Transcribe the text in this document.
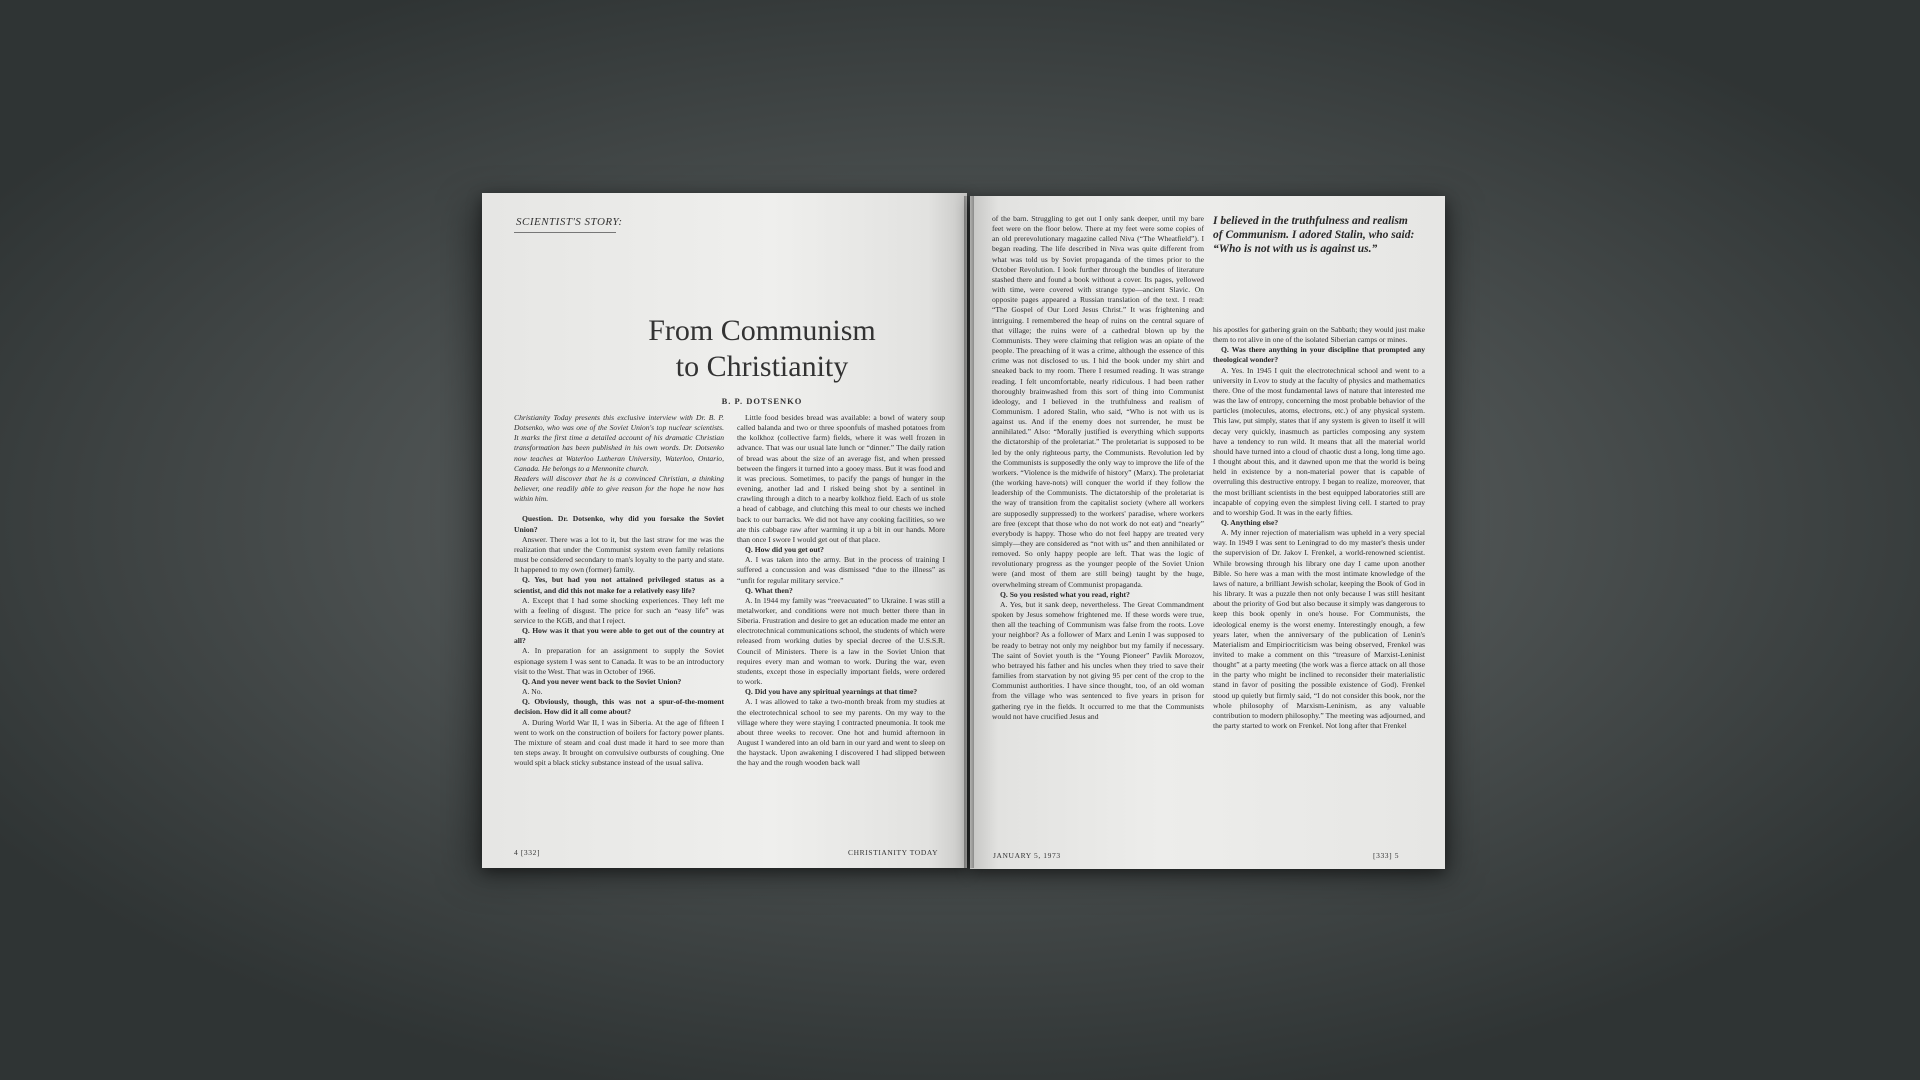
SCIENTIST'S STORY:
From Communism
to Christianity
B. P. DOTSENKO

Christianity Today presents this exclusive interview with Dr. B. P. Dotsenko, who was one of the Soviet Union's top nuclear scientists. It marks the first time a detailed account of his dramatic Christian transformation has been published in his own words. Dr. Dotsenko now teaches at Waterloo Lutheran University, Waterloo, Ontario, Canada. He belongs to a Mennonite church.

Readers will discover that he is a convinced Christian, a thinking believer, one readily able to give reason for the hope he now has within him.

Question. Dr. Dotsenko, why did you forsake the Soviet Union?

Answer. There was a lot to it, but the last straw for me was the realization that under the Communist system even family relations must be considered secondary to man's loyalty to the party and state. It happened to my own (former) family.

Q. Yes, but had you not attained privileged status as a scientist, and did this not make for a relatively easy life?

A. Except that I had some shocking experiences. They left me with a feeling of disgust. The price for such an “easy life” was service to the KGB, and that I reject.

Q. How was it that you were able to get out of the country at all?

A. In preparation for an assignment to supply the Soviet espionage system I was sent to Canada. It was to be an introductory visit to the West. That was in October of 1966.

Q. And you never went back to the Soviet Union?

A. No.

Q. Obviously, though, this was not a spur-of-the-moment decision. How did it all come about?

A. During World War II, I was in Siberia. At the age of fifteen I went to work on the construction of boilers for factory power plants. The mixture of steam and coal dust made it hard to see more than ten steps away. It brought on convulsive outbursts of coughing. One would spit a black sticky substance instead of the usual saliva.

Little food besides bread was available: a bowl of watery soup called balanda and two or three spoonfuls of mashed potatoes from the kolkhoz (collective farm) fields, where it was well frozen in advance. That was our usual late lunch or “dinner.” The daily ration of bread was about the size of an average fist, and when pressed between the fingers it turned into a gooey mass. But it was food and it was precious. Sometimes, to pacify the pangs of hunger in the evening, another lad and I risked being shot by a sentinel in crawling through a ditch to a nearby kolkhoz field. Each of us stole a head of cabbage, and clutching this meal to our chests we inched back to our barracks. We did not have any cooking facilities, so we ate this cabbage raw after warming it up a bit in our hands. More than once I swore I would get out of that place.

Q. How did you get out?

A. I was taken into the army. But in the process of training I suffered a concussion and was dismissed “due to the illness” as “unfit for regular military service.”

Q. What then?

A. In 1944 my family was “reevacuated” to Ukraine. I was still a metalworker, and conditions were not much better there than in Siberia. Frustration and desire to get an education made me enter an electrotechnical communications school, the students of which were released from working duties by special decree of the U.S.S.R. Council of Ministers. There is a law in the Soviet Union that requires every man and woman to work. During the war, even students, except those in especially important fields, were ordered to work.

Q. Did you have any spiritual yearnings at that time?

A. I was allowed to take a two-month break from my studies at the electrotechnical school to see my parents. On my way to the village where they were staying I contracted pneumonia. It took me about three weeks to recover. One hot and humid afternoon in August I wandered into an old barn in our yard and went to sleep on the haystack. Upon awakening I discovered I had slipped between the hay and the rough wooden back wall

4 [332]	CHRISTIANITY TODAY

of the barn. Struggling to get out I only sank deeper, until my bare feet were on the floor below. There at my feet were some copies of an old prerevolutionary magazine called Niva (“The Wheatfield”). I began reading. The life described in Niva was quite different from what was told us by Soviet propaganda of the times prior to the October Revolution. I look further through the bundles of literature stashed there and found a book without a cover. Its pages, yellowed with time, were covered with strange type—ancient Slavic. On opposite pages appeared a Russian translation of the text. I read: “The Gospel of Our Lord Jesus Christ.” It was frightening and intriguing. I remembered the heap of ruins on the central square of that village; the ruins were of a cathedral blown up by the Communists. They were claiming that religion was an opiate of the people. The preaching of it was a crime, although the essence of this crime was not disclosed to us. I hid the book under my shirt and sneaked back to my room. There I resumed reading. It was strange reading. I felt uncomfortable, nearly ridiculous. I had been rather thoroughly brainwashed from this sort of thing into Communist ideology, and I believed in the truthfulness and realism of Communism. I adored Stalin, who said, “Who is not with us is against us. And if the enemy does not surrender, he must be annihilated.” Also: “Morally justified is everything which supports the dictatorship of the proletariat.” The proletariat is supposed to be led by the only righteous party, the Communists. Revolution led by the Communists is supposedly the only way to improve the life of the workers. “Violence is the midwife of history” (Marx). The proletariat (the working have-nots) will conquer the world if they follow the leadership of the Communists. The dictatorship of the proletariat is the way of transition from the capitalist society (where all workers are supposedly suppressed) to the workers' paradise, where workers are free (except that those who do not work do not eat) and “nearly” everybody is happy. Those who do not feel happy are treated very simply—they are considered as “not with us” and then annihilated or removed. So only happy people are left. That was the logic of revolutionary progress as the younger people of the Soviet Union were (and most of them are still being) taught by the huge, overwhelming stream of Communist propaganda.

Q. So you resisted what you read, right?

A. Yes, but it sank deep, nevertheless. The Great Commandment spoken by Jesus somehow frightened me. If these words were true, then all the teaching of Communism was false from the roots. Love your neighbor? As a follower of Marx and Lenin I was supposed to be ready to betray not only my neighbor but my family if necessary. The saint of Soviet youth is the “Young Pioneer” Pavlik Morozov, who betrayed his father and his uncles when they tried to save their families from starvation by not giving 95 per cent of the crop to the Communist authorities. I have since thought, too, of an old woman from the village who was sentenced to five years in prison for gathering rye in the fields. It occurred to me that the Communists would not have crucified Jesus and

I believed in the truthfulness and realism of Communism. I adored Stalin, who said: “Who is not with us is against us.”

his apostles for gathering grain on the Sabbath; they would just make them to rot alive in one of the isolated Siberian camps or mines.

Q. Was there anything in your discipline that prompted any theological wonder?

A. Yes. In 1945 I quit the electrotechnical school and went to a university in Lvov to study at the faculty of physics and mathematics there. One of the most fundamental laws of nature that interested me was the law of entropy, concerning the most probable behavior of the particles (molecules, atoms, electrons, etc.) of any physical system. This law, put simply, states that if any system is given to itself it will decay very quickly, inasmuch as particles composing any system have a tendency to run wild. It means that all the material world should have turned into a cloud of chaotic dust a long, long time ago. I thought about this, and it dawned upon me that the world is being held in existence by a non-material power that is capable of overruling this destructive entropy. I began to realize, moreover, that the most brilliant scientists in the best equipped laboratories still are incapable of copying even the simplest living cell. I started to pray and to worship God. It was in the early fifties.

Q. Anything else?

A. My inner rejection of materialism was upheld in a very special way. In 1949 I was sent to Leningrad to do my master's thesis under the supervision of Dr. Jakov I. Frenkel, a world-renowned scientist. While browsing through his library one day I came upon another Bible. So here was a man with the most intimate knowledge of the laws of nature, a brilliant Jewish scholar, keeping the Book of God in his library. It was a puzzle then not only because I was still hesitant about the priority of God but also because it simply was dangerous to keep this book openly in one's house. For Communists, the ideological enemy is the worst enemy. Interestingly enough, a few years later, when the anniversary of the publication of Lenin's Materialism and Empiriocriticism was being observed, Frenkel was invited to make a comment on this “treasure of Marxist-Leninist thought” at a party meeting (the work was a fierce attack on all those in the party who might be inclined to reconsider their materialistic stand in favor of positing the possible existence of God). Frenkel stood up quietly but firmly said, “I do not consider this book, nor the whole philosophy of Marxism-Leninism, as any valuable contribution to modern philosophy.” The meeting was adjourned, and the party started to work on Frenkel. Not long after that Frenkel

JANUARY 5, 1973	[333] 5
